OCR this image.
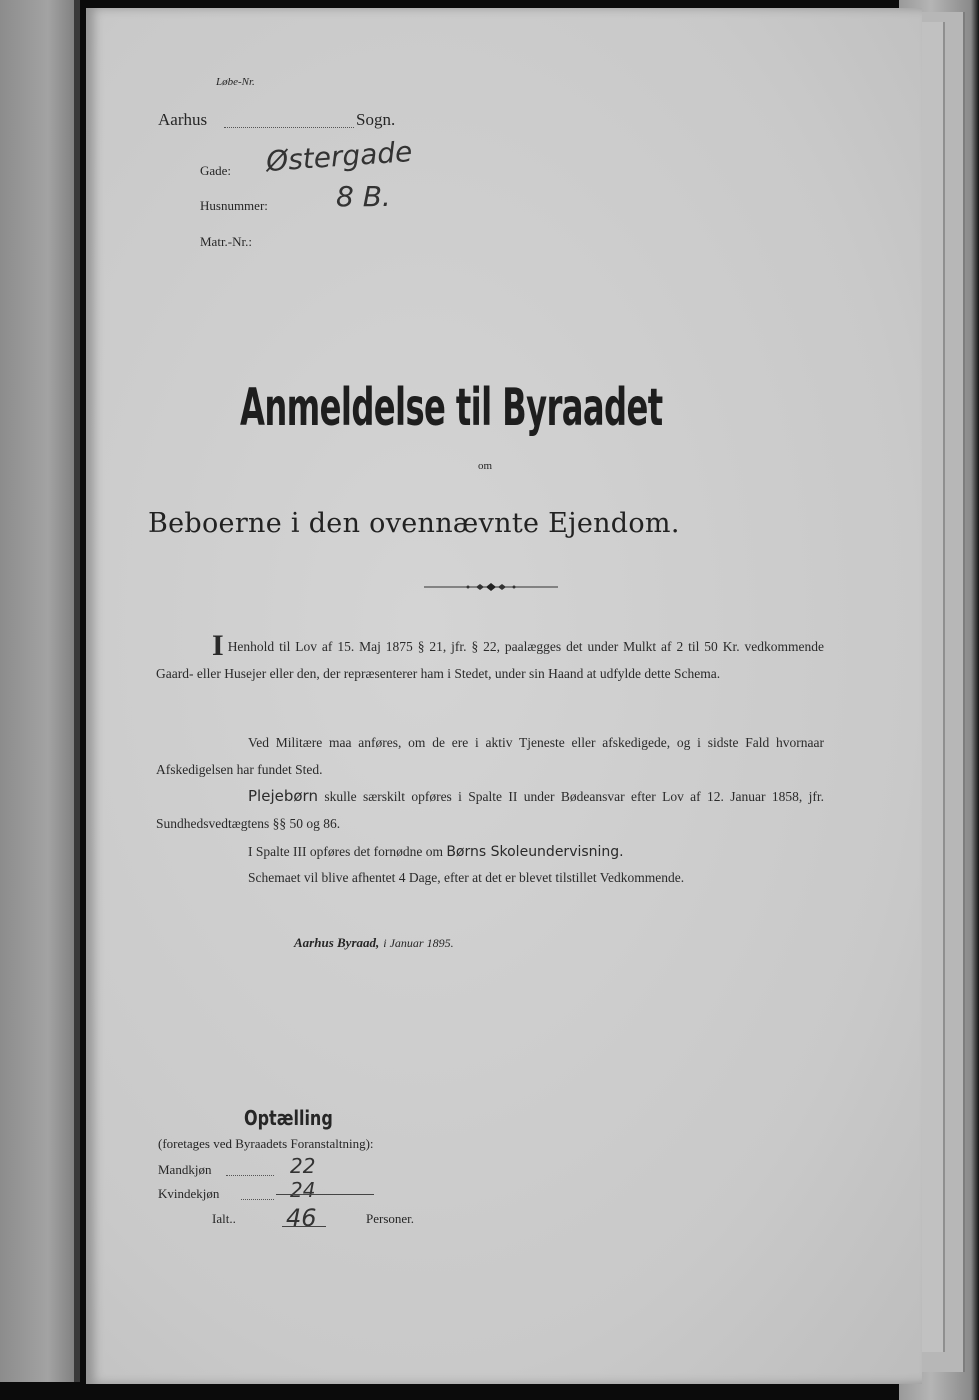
Løbe-Nr.
Aarhus	Sogn.
Gade: Østergade
Husnummer: 8 B.
Matr.-Nr.:
Anmeldelse til Byraadet
om
Beboerne i den ovennævnte Ejendom.
I Henhold til Lov af 15. Maj 1875 § 21, jfr. § 22, paalægges det under Mulkt af 2 til 50 Kr. vedkommende Gaard- eller Husejer eller den, der repræsenterer ham i Stedet, under sin Haand at udfylde dette Schema.
Ved Militære maa anføres, om de ere i aktiv Tjeneste eller afskedigede, og i sidste Fald hvornaar Afskedigelsen har fundet Sted.
Plejebørn skulle særskilt opføres i Spalte II under Bødeansvar efter Lov af 12. Januar 1858, jfr. Sundhedsvedtægtens §§ 50 og 86.
I Spalte III opføres det fornødne om Børns Skoleundervisning.
Schemaet vil blive afhentet 4 Dage, efter at det er blevet tilstillet Vedkommende.
Aarhus Byraad, i Januar 1895.
Optælling
(foretages ved Byraadets Foranstaltning):
Mandkjøn	22
Kvindekjøn	24
Ialt.. 46	Personer.
